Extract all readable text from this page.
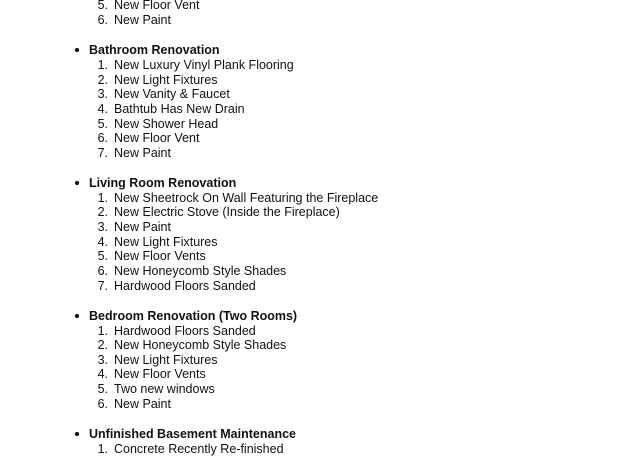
5 . New Floor Vent
6 . New Paint
Bathroom Renovation
1 . New Luxury Vinyl Plank Flooring
2 . New Light Fixtures
3 . New Vanity & Faucet
4 . Bathtub Has New Drain
5 . New Shower Head
6 . New Floor Vent
7 . New Paint
Living Room Renovation
1 . New Sheetrock On Wall Featuring the Fireplace
2 . New Electric Stove (Inside the Fireplace)
3 . New Paint
4 . New Light Fixtures
5 . New Floor Vents
6 . New Honeycomb Style Shades
7 . Hardwood Floors Sanded
Bedroom Renovation (Two Rooms)
1 . Hardwood Floors Sanded
2 . New Honeycomb Style Shades
3 . New Light Fixtures
4 . New Floor Vents
5 . Two new windows
6 . New Paint
Unfinished Basement Maintenance
1 . Concrete Recently Re-finished
